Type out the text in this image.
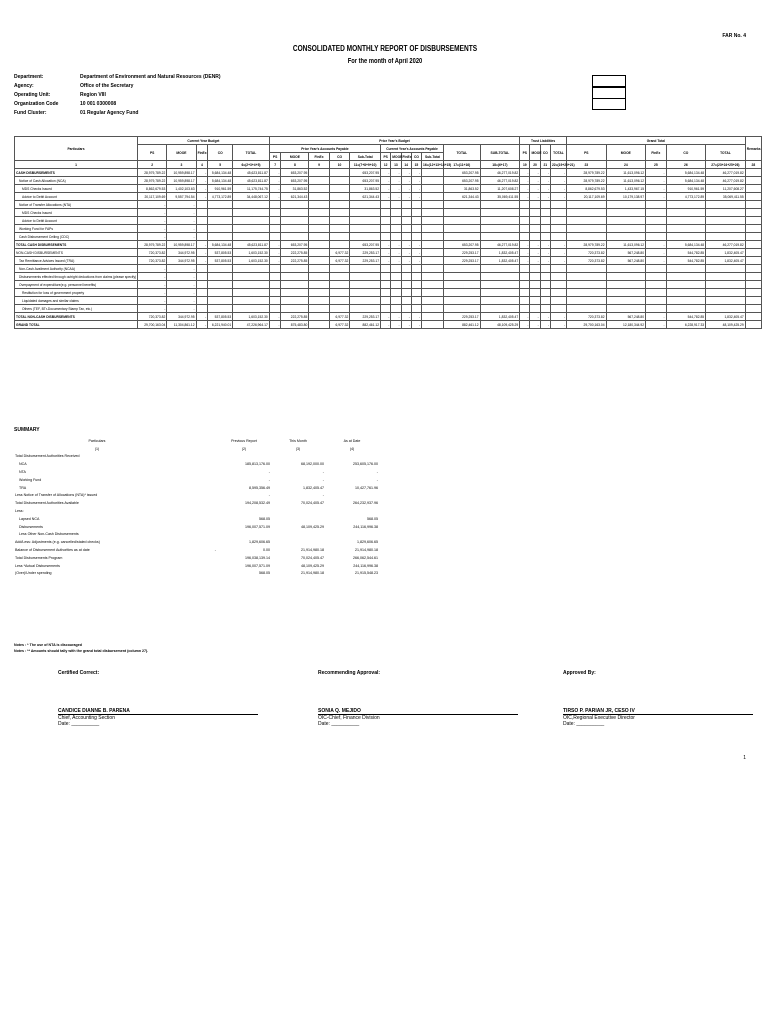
FAR No. 4
CONSOLIDATED MONTHLY REPORT OF DISBURSEMENTS
For the month of April 2020
Department:	Department of Environment and Natural Resources (DENR)
Agency:	Office of the Secretary
Operating Unit:	Region VIII
Organization Code	10 001 0300008
Fund Cluster:	01 Regular Agency Fund
Particulars	Current Year Budget					Prior Year's Budget												Trust Liabilities				Grand Total					Remarks
	PS	MOOE	FinEx	CO	TOTAL	Prior Year's Accounts Payable					Current Year's Accounts Payable					TOTAL	SUB-TOTAL	PS	MOOE	CO	TOTAL	PS	MOOE	FinEx	CO	TOTAL	
						PS	MOOE	FinEx	CO	Sub-Total	PS	MOOE	FinEx	CO	Sub-Total												
1	2	3	4	5	6=(2+3+4+5)	7	8	9	10	11=(7+8+9+10)	12	13	14	15	16=(12+13+14+15)	17=(11+16)	18=(6+17)	19	20	21	22=(19+20+21)	23	24	25	26	27=(23+24+25+26)	28
CASH DISBURSEMENTS	28,979,789.22	10,959,898.17	-	5,684,134.48	45,623,811.87	-	653,207.95			653,207.95	-	-	-	-		653,207.95	46,277,019.82	-	-	-	-	28,979,789.22	11,613,096.12	-	5,684,134.48	46,277,019.82	
Notice of Cash Allocation (NCA)	28,979,789.22	10,959,898.17	-	5,684,134.48	45,623,811.87	-	653,207.95			653,207.95	-	-	-	-		653,207.95	46,277,019.82	-	-	-	-	28,979,789.22	11,613,096.12	-	5,684,134.48	46,277,019.82	
MDS Checks Issued	8,862,679.53	1,402,103.63	-	910,961.59	11,175,744.75	-	31,863.52			31,863.52	-	-	-	-		31,863.52	11,207,608.27	-	-	-	-	8,862,679.53	1,433,967.15	-	910,961.59	11,207,608.27	
Advice to Debit Account	20,117,109.69	9,557,794.54	-	4,773,172.89	34,448,067.12	-	621,344.43			621,344.43	-	-	-	-		621,344.43	35,069,411.55	-	-	-	-	20,117,109.69	10,179,138.97	-	4,773,172.89	35,069,411.55	
Notice of Transfer Allocations (NTA)	-	-																									
MDS Checks Issued	-	-																									
Advice to Debit Account	-	-																									
Working Fund for FAPs	-	-																									
Cash Disbursement Ceiling (CDC)	-	-																									
TOTAL CASH DISBURSEMENTS	28,979,789.22	10,959,898.17	-	5,684,134.48	45,623,811.87	-	653,207.95			653,207.95	-	-	-	-		653,207.95	46,277,019.82	-	-	-	-	28,979,789.22	11,613,096.12	-	5,684,134.48	46,277,019.82	
NON-CASH DISBURSEMENTS	720,373.82	344,972.95	-	537,805.53	1,603,152.30	-	222,275.85		6,977.32	229,253.17	-	-	-	-		229,253.17	1,832,405.47	-	-	-	-	720,373.82	567,248.80	-	544,782.85	1,832,405.47	
Tax Remittance Advices Issued (TRA)	720,373.82	344,972.95	-	537,805.53	1,603,152.30	-	222,275.85		6,977.32	229,253.17	-	-	-	-		229,253.17	1,832,405.47	-	-	-	-	720,373.82	567,248.80	-	544,782.85	1,832,405.47	
Non-Cash Availment Authority (NCAA)	-	-																									
Disbursements effected through outright deductions from claims (please specify)	-	-																									
Overpayment of expenditure(e.g. personnel benefits)	-	-																									
Restitution for loss of government property	-	-																									
Liquidated damages and similar claims	-	-																									
Others (TEF, BTr-Documentary Stamp Tax, etc.)	-	-																									
TOTAL NON-CASH DISBURSEMENTS	720,373.82	344,972.95	-	537,805.53	1,603,152.30	-	222,275.85		6,977.32	229,253.17	-	-	-	-		229,253.17	1,832,405.47	-	-	-	-	720,373.82	567,248.80	-	544,782.85	1,832,405.47	
GRAND TOTAL	29,700,163.04	11,304,861.12	-	6,221,940.01	47,226,964.17	-	875,483.80		6,977.32	882,461.12	-	-	-	-		882,461.12	48,109,425.29	-	-	-	-	29,700,163.04	12,180,344.92	-	6,228,917.33	48,109,425.29	
SUMMARY
Particulars		Previous Report	This Month	As at Date
(1)		(2)	(3)	(4)
Total Disbursement Authorities Received				
NCA		185,813,176.00	68,192,000.00	253,605,176.00
NTA		-	-	-
Working Fund		-	-	-
TRA		8,595,356.49	1,832,405.47	10,427,761.96
Less Notice of Transfer of Allocations (NTA)* issued		-	-	
Total Disbursement Authorities Available		194,208,532.49	70,024,405.47	264,232,937.96
Less:				
Lapsed NCA		568.05		568.05
Disbursements		196,007,571.09	48,109,425.29	244,116,996.38
Less Other Non-Cash Disbursements				
Add/Less: Adjustments (e.g. cancelled/staled checks)		1,829,606.65		1,829,606.65
Balance of Disbursement Authorities as at date	-	0.00	21,914,980.18	21,914,980.18
Total Disbursements Program		196,038,139.14	70,024,405.47	266,062,544.61
Less *Actual Disbursements		196,007,571.09	48,109,425.29	244,116,996.38
(Over)/Under spending		568.05	21,914,980.18	21,915,548.23
Notes : * The use of NTA is discouraged
Notes : ** Amounts should tally with the grand total disbursement (column 27).
Certified Correct:	Recommending Approval:	Approved By:
CANDICE DIANNE B. PARENA
Chief, Accounting Section
Date: __________
SONIA Q. MEJIDO
OIC-Chief, Finance Division
Date: __________
TIRSO P. PARIAN JR, CESO IV
OIC,Regional Executive Director
Date: __________
1
